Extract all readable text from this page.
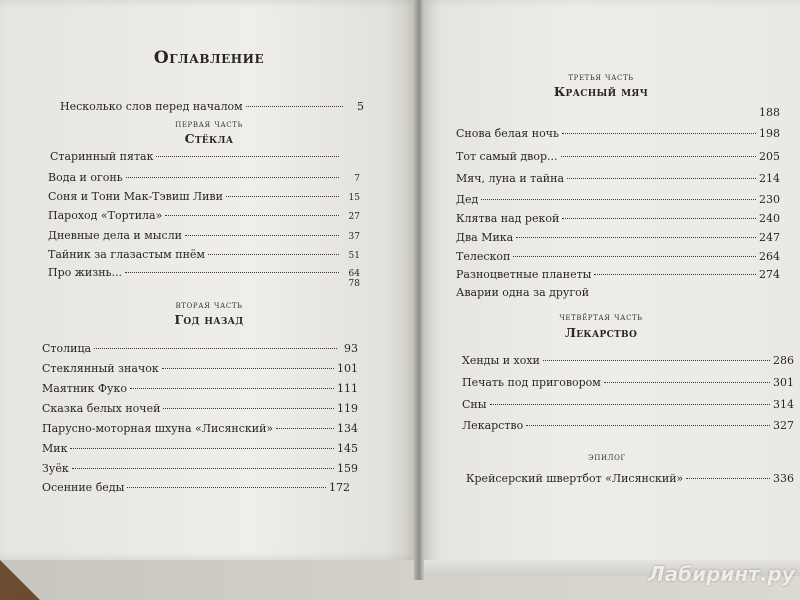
Оглавление
Несколько слов перед началом	5
первая часть
Стёкла
Старинный пятак
Вода и огонь	7
Соня и Тони Мак-Тэвиш Ливи	15
Пароход «Тортила»	27
Дневные дела и мысли	37
Тайник за глазастым пнём	51
Про жизнь...	64
78
вторая часть
Год назад
Столица	93
Стеклянный значок	101
Маятник Фуко	111
Сказка белых ночей	119
Парусно-моторная шхуна «Лисянский»	134
Мик	145
Зуёк	159
Осенние беды	172
третья часть
Красный мяч
188
Снова белая ночь	198
Тот самый двор...	205
Мяч, луна и тайна	214
Дед	230
Клятва над рекой	240
Два Мика	247
Телескоп	264
Разноцветные планеты	274
Аварии одна за другой
четвёртая часть
Лекарство
Хенды и хохи	286
Печать под приговором	301
Сны	314
Лекарство	327
эпилог
Крейсерский швертбот «Лисянский»	336
Лабиринт.ру
